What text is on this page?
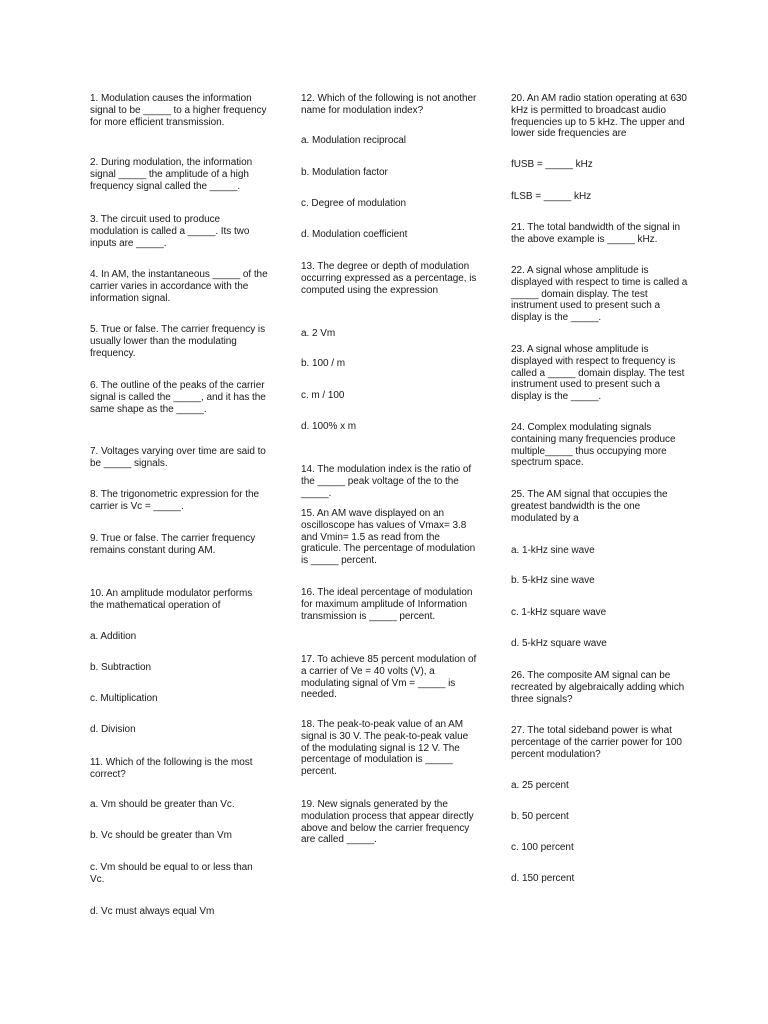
1. Modulation causes the information signal to be _____ to a higher frequency for more efficient transmission.

2. During modulation, the information signal _____ the amplitude of a high frequency signal called the _____.

3. The circuit used to produce modulation is called a _____. Its two inputs are _____.

4. In AM, the instantaneous _____ of the carrier varies in accordance with the information signal.

5. True or false. The carrier frequency is usually lower than the modulating frequency.

6. The outline of the peaks of the carrier signal is called the _____, and it has the same shape as the _____.

7. Voltages varying over time are said to be _____ signals.

8. The trigonometric expression for the carrier is Vc = _____.

9. True or false. The carrier frequency remains constant during AM.

10. An amplitude modulator performs the mathematical operation of

a. Addition

b. Subtraction

c. Multiplication

d. Division

11. Which of the following is the most correct?

a. Vm should be greater than Vc.

b. Vc should be greater than Vm

c. Vm should be equal to or less than Vc.

d. Vc must always equal Vm

12. Which of the following is not another name for modulation index?

a. Modulation reciprocal

b. Modulation factor

c. Degree of modulation

d. Modulation coefficient

13. The degree or depth of modulation occurring expressed as a percentage, is computed using the expression

a. 2 Vm

b. 100 / m

c. m / 100

d. 100% x m

14. The modulation index is the ratio of the _____ peak voltage of the to the _____.

15. An AM wave displayed on an oscilloscope has values of Vmax= 3.8 and Vmin= 1.5 as read from the graticule. The percentage of modulation is _____ percent.

16. The ideal percentage of modulation for maximum amplitude of Information transmission is _____ percent.

17. To achieve 85 percent modulation of a carrier of Ve = 40 volts (V), a modulating signal of Vm = _____ is needed.

18. The peak-to-peak value of an AM signal is 30 V. The peak-to-peak value of the modulating signal is 12 V. The percentage of modulation is _____ percent.

19. New signals generated by the modulation process that appear directly above and below the carrier frequency are called _____.

20. An AM radio station operating at 630 kHz is permitted to broadcast audio frequencies up to 5 kHz. The upper and lower side frequencies are

fUSB = _____ kHz

fLSB = _____ kHz

21. The total bandwidth of the signal in the above example is _____ kHz.

22. A signal whose amplitude is displayed with respect to time is called a _____ domain display. The test instrument used to present such a display is the _____.

23. A signal whose amplitude is displayed with respect to frequency is called a _____ domain display. The test instrument used to present such a display is the _____.

24. Complex modulating signals containing many frequencies produce multiple_____ thus occupying more spectrum space.

25. The AM signal that occupies the greatest bandwidth is the one modulated by a

a. 1-kHz sine wave

b. 5-kHz sine wave

c. 1-kHz square wave

d. 5-kHz square wave

26. The composite AM signal can be recreated by algebraically adding which three signals?

27. The total sideband power is what percentage of the carrier power for 100 percent modulation?

a. 25 percent

b. 50 percent

c. 100 percent

d. 150 percent
